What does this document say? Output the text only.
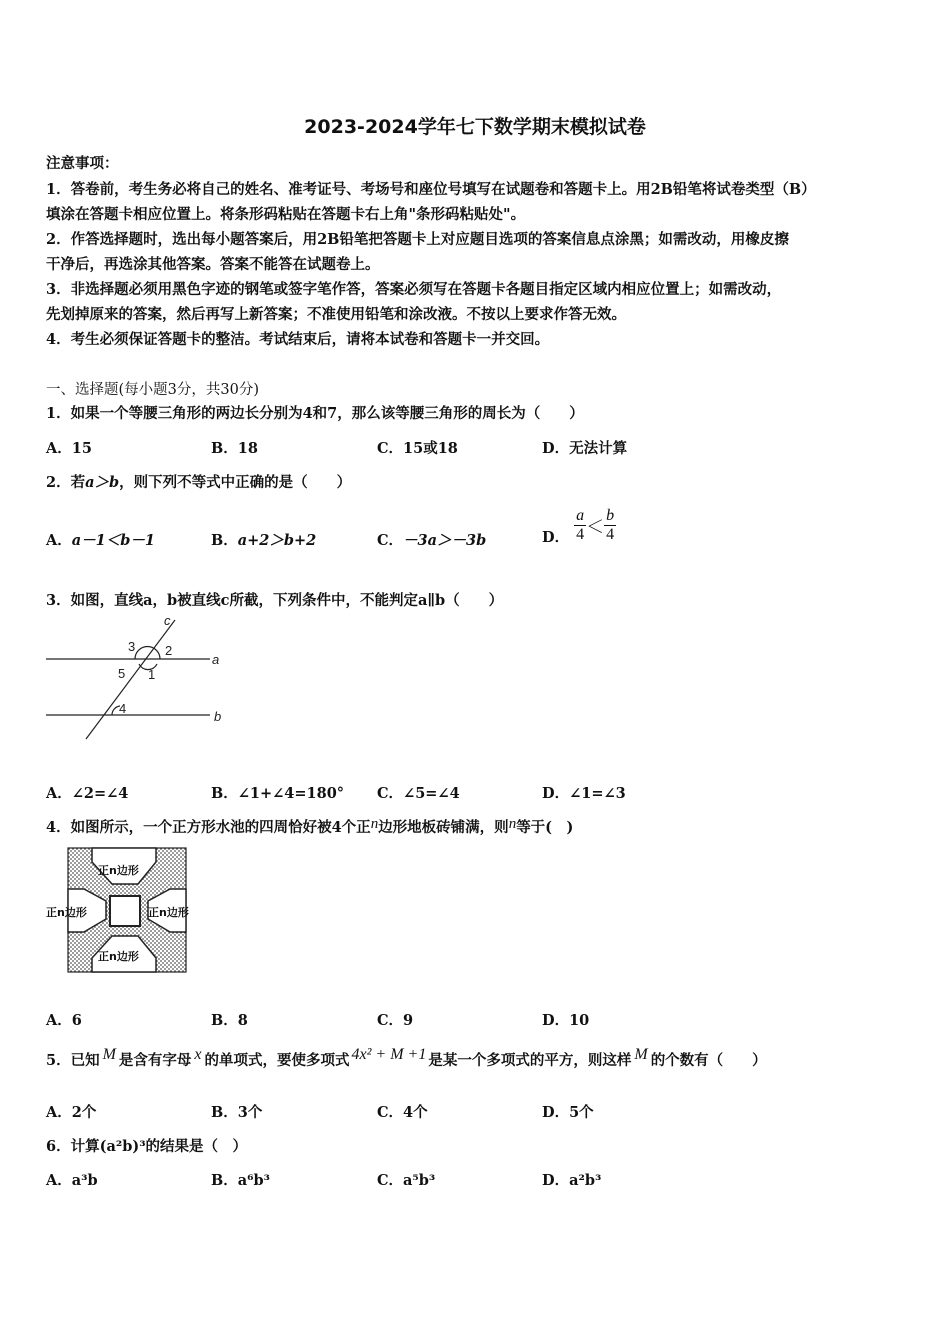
2023-2024学年七下数学期末模拟试卷
注意事项：
1．答卷前，考生务必将自己的姓名、准考证号、考场号和座位号填写在试题卷和答题卡上。用2B铅笔将试卷类型（B）
填涂在答题卡相应位置上。将条形码粘贴在答题卡右上角"条形码粘贴处"。
2．作答选择题时，选出每小题答案后，用2B铅笔把答题卡上对应题目选项的答案信息点涂黑；如需改动，用橡皮擦
干净后，再选涂其他答案。答案不能答在试题卷上。
3．非选择题必须用黑色字迹的钢笔或签字笔作答，答案必须写在答题卡各题目指定区域内相应位置上；如需改动，
先划掉原来的答案，然后再写上新答案；不准使用铅笔和涂改液。不按以上要求作答无效。
4．考生必须保证答题卡的整洁。考试结束后，请将本试卷和答题卡一并交回。
一、选择题(每小题3分，共30分)
1．如果一个等腰三角形的两边长分别为4和7，那么该等腰三角形的周长为（　　）
A．15	B．18	C．15或18	D．无法计算
2．若a＞b，则下列不等式中正确的是（　　）
A．a－1＜b－1	B．a+2＞b+2	C．－3a＞－3b	D． $\frac{a}{4} < \frac{b}{4}$
3．如图，直线a，b被直线c所截，下列条件中，不能判定a∥b（　　）
c
a
b
3 2
5 1
4
A．∠2=∠4	B．∠1+∠4=180° C．∠5=∠4	D．∠1=∠3
4．如图所示，一个正方形水池的四周恰好被4个正n边形地板砖铺满，则n等于(　)
正n边形
正n边形	正n边形
正n边形
A．6	B．8	C．9	D．10
5．已知 M 是含有字母 x 的单项式，要使多项式 4x² + M +1 是某一个多项式的平方，则这样 M 的个数有（　　）
A．2个	B．3个	C．4个	D．5个
6．计算(a²b)³的结果是（　）
A．a³b	B．a⁶b³	C．a⁵b³	D．a²b³
